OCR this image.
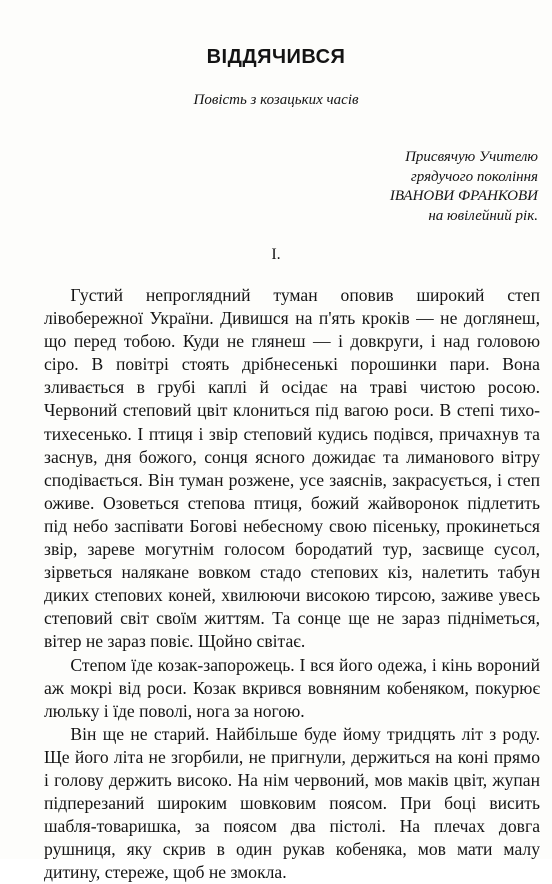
ВІДДЯЧИВСЯ
Повість з козацьких часів
Присвячую Учителю
грядучого покоління
ІВАНОВИ ФРАНКОВИ
на ювілейний рік.
І.

Густий непроглядний туман оповив широкий степ лівобережної України. Дивишся на п'ять кроків — не доглянеш, що перед тобою. Куди не глянеш — і довкруги, і над головою сіро. В повітрі стоять дрібнесенькі порошинки пари. Вона зливається в грубі каплі й осідає на траві чистою росою. Червоний степовий цвіт клониться під вагою роси. В степі тихо-тихесенько. І птиця і звір степовий кудись подівся, причахнув та заснув, дня божого, сонця ясного дожидає та лиманового вітру сподівається. Він туман розжене, усе заяснів, закрасується, і степ оживе. Озоветься степова птиця, божий жайворонок підлетить під небо заспівати Богові небесному свою пісеньку, прокинеться звір, зареве могутнім голосом бородатий тур, засвище сусол, зірветься налякане вовком стадо степових кіз, налетить табун диких степових коней, хвилюючи високою тирсою, заживе увесь степовий світ своїм життям. Та сонце ще не зараз підніметься, вітер не зараз повіє. Щойно світає.

Степом їде козак-запорожець. І вся його одежа, і кінь вороний аж мокрі від роси. Козак вкрився вовняним кобеняком, покурює люльку і їде поволі, нога за ногою.

Він ще не старий. Найбільше буде йому тридцять літ з роду. Ще його літа не згорбили, не пригнули, держиться на коні прямо і голову держить високо. На нім червоний, мов маків цвіт, жупан підперезаний широким шовковим поясом. При боці висить шабля-товаришка, за поясом два пістолі. На плечах довга рушниця, яку скрив в один рукав кобеняка, мов мати малу дитину, стереже, щоб не змокла.
